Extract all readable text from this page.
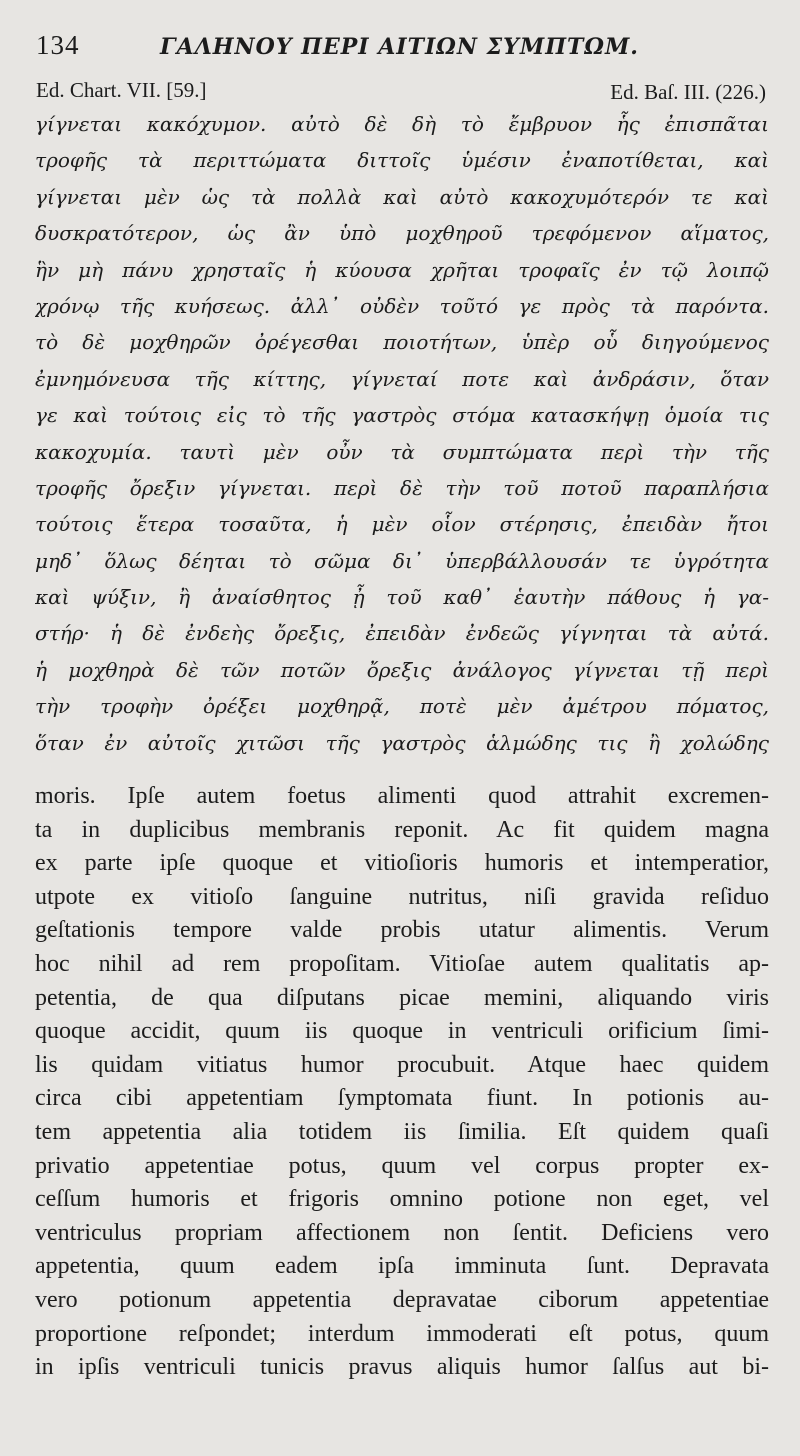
134	ΓΑΛΗΝΟΥ ΠΕΡΙ ΑΙΤΙΩΝ ΣΥΜΠΤΩΜ.
Ed. Chart. VII. [59.]	Ed. Baſ. III. (226.)
γίγνεται κακόχυμον. αὐτὸ δὲ δὴ τὸ ἔμβρυον ἧς ἐπισπᾶται
τροφῆς τὰ περιττώματα διττοῖς ὑμέσιν ἐναποτίθεται, καὶ
γίγνεται μὲν ὡς τὰ πολλὰ καὶ αὐτὸ κακοχυμότερόν τε καὶ
δυσκρατότερον, ὡς ἂν ὑπὸ μοχθηροῦ τρεφόμενον αἵματος,
ἣν μὴ πάνυ χρησταῖς ἡ κύουσα χρῆται τροφαῖς ἐν τῷ λοιπῷ
χρόνῳ τῆς κυήσεως. ἀλλ᾽ οὐδὲν τοῦτό γε πρὸς τὰ παρόντα.
τὸ δὲ μοχθηρῶν ὀρέγεσθαι ποιοτήτων, ὑπὲρ οὗ διηγούμενος
ἐμνημόνευσα τῆς κίττης, γίγνεταί ποτε καὶ ἀνδράσιν, ὅταν
γε καὶ τούτοις εἰς τὸ τῆς γαστρὸς στόμα κατασκήψῃ ὁμοία τις
κακοχυμία. ταυτὶ μὲν οὖν τὰ συμπτώματα περὶ τὴν τῆς
τροφῆς ὄρεξιν γίγνεται. περὶ δὲ τὴν τοῦ ποτοῦ παραπλήσια
τούτοις ἕτερα τοσαῦτα, ἡ μὲν οἷον στέρησις, ἐπειδὰν ἤτοι
μηδ᾽ ὅλως δέηται τὸ σῶμα δι᾽ ὑπερβάλλουσάν τε ὑγρότητα
καὶ ψύξιν, ἢ ἀναίσθητος ᾖ τοῦ καθ᾽ ἑαυτὴν πάθους ἡ γα-
στήρ· ἡ δὲ ἐνδεὴς ὄρεξις, ἐπειδὰν ἐνδεῶς γίγνηται τὰ αὐτά.
ἡ μοχθηρὰ δὲ τῶν ποτῶν ὄρεξις ἀνάλογος γίγνεται τῇ περὶ
τὴν τροφὴν ὀρέξει μοχθηρᾷ, ποτὲ μὲν ἀμέτρου πόματος,
ὅταν ἐν αὐτοῖς χιτῶσι τῆς γαστρὸς ἁλμώδης τις ἢ χολώδης
moris. Ipſe autem foetus alimenti quod attrahit excremen-
ta in duplicibus membranis reponit. Ac fit quidem magna
ex parte ipſe quoque et vitioſioris humoris et intemperatior,
utpote ex vitioſo ſanguine nutritus, niſi gravida reſiduo
geſtationis tempore valde probis utatur alimentis. Verum
hoc nihil ad rem propoſitam. Vitioſae autem qualitatis ap-
petentia, de qua diſputans picae memini, aliquando viris
quoque accidit, quum iis quoque in ventriculi orificium ſimi-
lis quidam vitiatus humor procubuit. Atque haec quidem
circa cibi appetentiam ſymptomata fiunt. In potionis au-
tem appetentia alia totidem iis ſimilia. Eſt quidem quaſi
privatio appetentiae potus, quum vel corpus propter ex-
ceſſum humoris et frigoris omnino potione non eget, vel
ventriculus propriam affectionem non ſentit. Deficiens vero
appetentia, quum eadem ipſa imminuta ſunt. Depravata
vero potionum appetentia depravatae ciborum appetentiae
proportione reſpondet; interdum immoderati eſt potus, quum
in ipſis ventriculi tunicis pravus aliquis humor ſalſus aut bi-
